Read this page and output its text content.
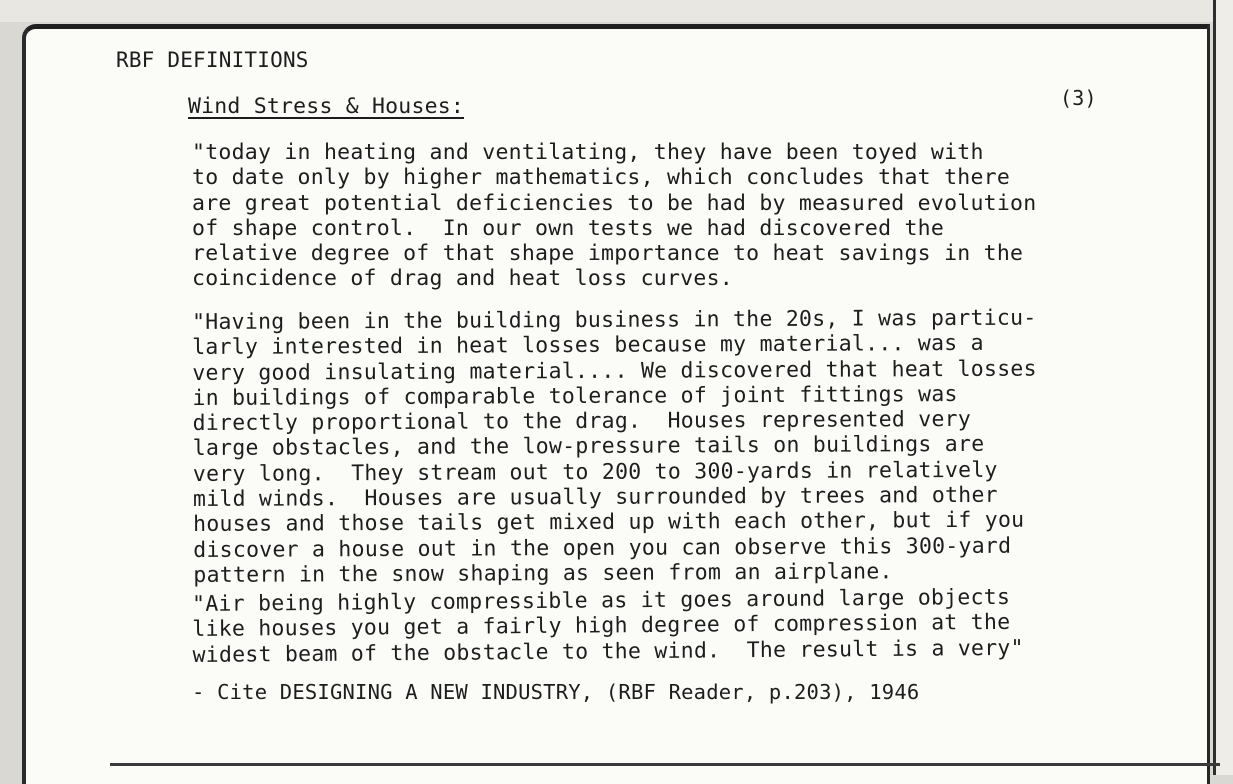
RBF DEFINITIONS
(3)
Wind Stress & Houses:
"today in heating and ventilating, they have been toyed with
to date only by higher mathematics, which concludes that there
are great potential deficiencies to be had by measured evolution
of shape control.  In our own tests we had discovered the
relative degree of that shape importance to heat savings in the
coincidence of drag and heat loss curves.
"Having been in the building business in the 20s, I was particu-
larly interested in heat losses because my material... was a
very good insulating material.... We discovered that heat losses
in buildings of comparable tolerance of joint fittings was
directly proportional to the drag.  Houses represented very
large obstacles, and the low-pressure tails on buildings are
very long.  They stream out to 200 to 300-yards in relatively
mild winds.  Houses are usually surrounded by trees and other
houses and those tails get mixed up with each other, but if you
discover a house out in the open you can observe this 300-yard
pattern in the snow shaping as seen from an airplane.
"Air being highly compressible as it goes around large objects
like houses you get a fairly high degree of compression at the
widest beam of the obstacle to the wind.  The result is a very"
- Cite DESIGNING A NEW INDUSTRY, (RBF Reader, p.203), 1946
